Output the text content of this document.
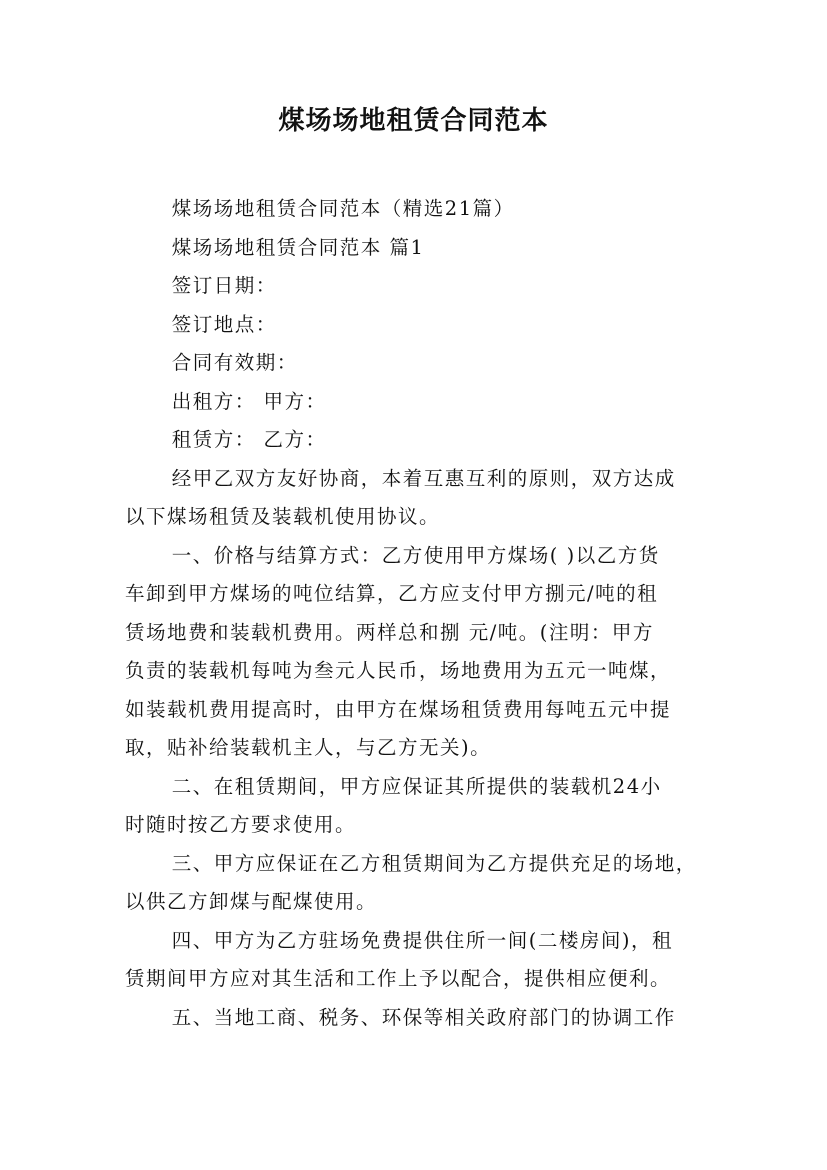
煤场场地租赁合同范本

煤场场地租赁合同范本（精选21篇）

煤场场地租赁合同范本 篇1

签订日期：

签订地点：

合同有效期：

出租方： 甲方：

租赁方： 乙方：

经甲乙双方友好协商，本着互惠互利的原则，双方达成
以下煤场租赁及装载机使用协议。

一、价格与结算方式：乙方使用甲方煤场( )以乙方货
车卸到甲方煤场的吨位结算，乙方应支付甲方捌元/吨的租
赁场地费和装载机费用。两样总和捌 元/吨。(注明：甲方
负责的装载机每吨为叁元人民币，场地费用为五元一吨煤，
如装载机费用提高时，由甲方在煤场租赁费用每吨五元中提
取，贴补给装载机主人，与乙方无关)。

二、在租赁期间，甲方应保证其所提供的装载机24小
时随时按乙方要求使用。

三、甲方应保证在乙方租赁期间为乙方提供充足的场地，
以供乙方卸煤与配煤使用。

四、甲方为乙方驻场免费提供住所一间(二楼房间)，租
赁期间甲方应对其生活和工作上予以配合，提供相应便利。

五、当地工商、税务、环保等相关政府部门的协调工作
